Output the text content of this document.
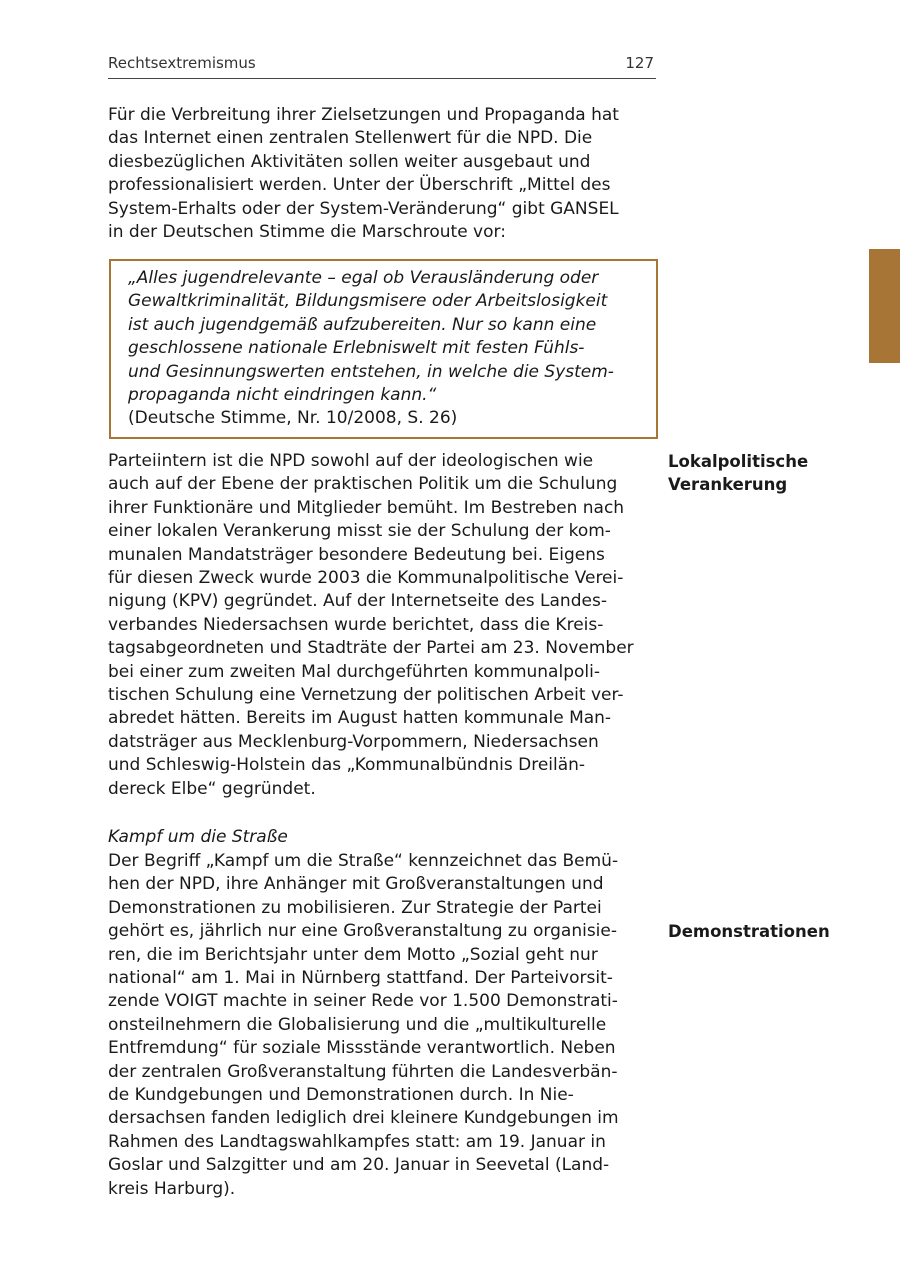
Rechtsextremismus	127
Für die Verbreitung ihrer Zielsetzungen und Propaganda hat
das Internet einen zentralen Stellenwert für die NPD. Die
diesbezüglichen Aktivitäten sollen weiter ausgebaut und
professionalisiert werden. Unter der Überschrift „Mittel des
System-Erhalts oder der System-Veränderung“ gibt GANSEL
in der Deutschen Stimme die Marschroute vor:
„Alles jugendrelevante – egal ob Verausländerung oder
Gewaltkriminalität, Bildungsmisere oder Arbeitslosigkeit
ist auch jugendgemäß aufzubereiten. Nur so kann eine
geschlossene nationale Erlebniswelt mit festen Fühls-
und Gesinnungswerten entstehen, in welche die System-
propaganda nicht eindringen kann.“
(Deutsche Stimme, Nr. 10/2008, S. 26)
Lokalpolitische
Verankerung
Parteiintern ist die NPD sowohl auf der ideologischen wie
auch auf der Ebene der praktischen Politik um die Schulung
ihrer Funktionäre und Mitglieder bemüht. Im Bestreben nach
einer lokalen Verankerung misst sie der Schulung der kom-
munalen Mandatsträger besondere Bedeutung bei. Eigens
für diesen Zweck wurde 2003 die Kommunalpolitische Verei-
nigung (KPV) gegründet. Auf der Internetseite des Landes-
verbandes Niedersachsen wurde berichtet, dass die Kreis-
tagsabgeordneten und Stadträte der Partei am 23. November
bei einer zum zweiten Mal durchgeführten kommunalpoli-
tischen Schulung eine Vernetzung der politischen Arbeit ver-
abredet hätten. Bereits im August hatten kommunale Man-
datsträger aus Mecklenburg-Vorpommern, Niedersachsen
und Schleswig-Holstein das „Kommunalbündnis Dreilän-
dereck Elbe“ gegründet.
Kampf um die Straße
Der Begriff „Kampf um die Straße“ kennzeichnet das Bemü-
hen der NPD, ihre Anhänger mit Großveranstaltungen und
Demonstrationen zu mobilisieren. Zur Strategie der Partei
gehört es, jährlich nur eine Großveranstaltung zu organisie-
ren, die im Berichtsjahr unter dem Motto „Sozial geht nur
national“ am 1. Mai in Nürnberg stattfand. Der Parteivorsit-
zende VOIGT machte in seiner Rede vor 1.500 Demonstrati-
onsteilnehmern die Globalisierung und die „multikulturelle
Entfremdung“ für soziale Missstände verantwortlich. Neben
der zentralen Großveranstaltung führten die Landesverbän-
de Kundgebungen und Demonstrationen durch. In Nie-
dersachsen fanden lediglich drei kleinere Kundgebungen im
Rahmen des Landtagswahlkampfes statt: am 19. Januar in
Goslar und Salzgitter und am 20. Januar in Seevetal (Land-
kreis Harburg).
Demonstrationen
